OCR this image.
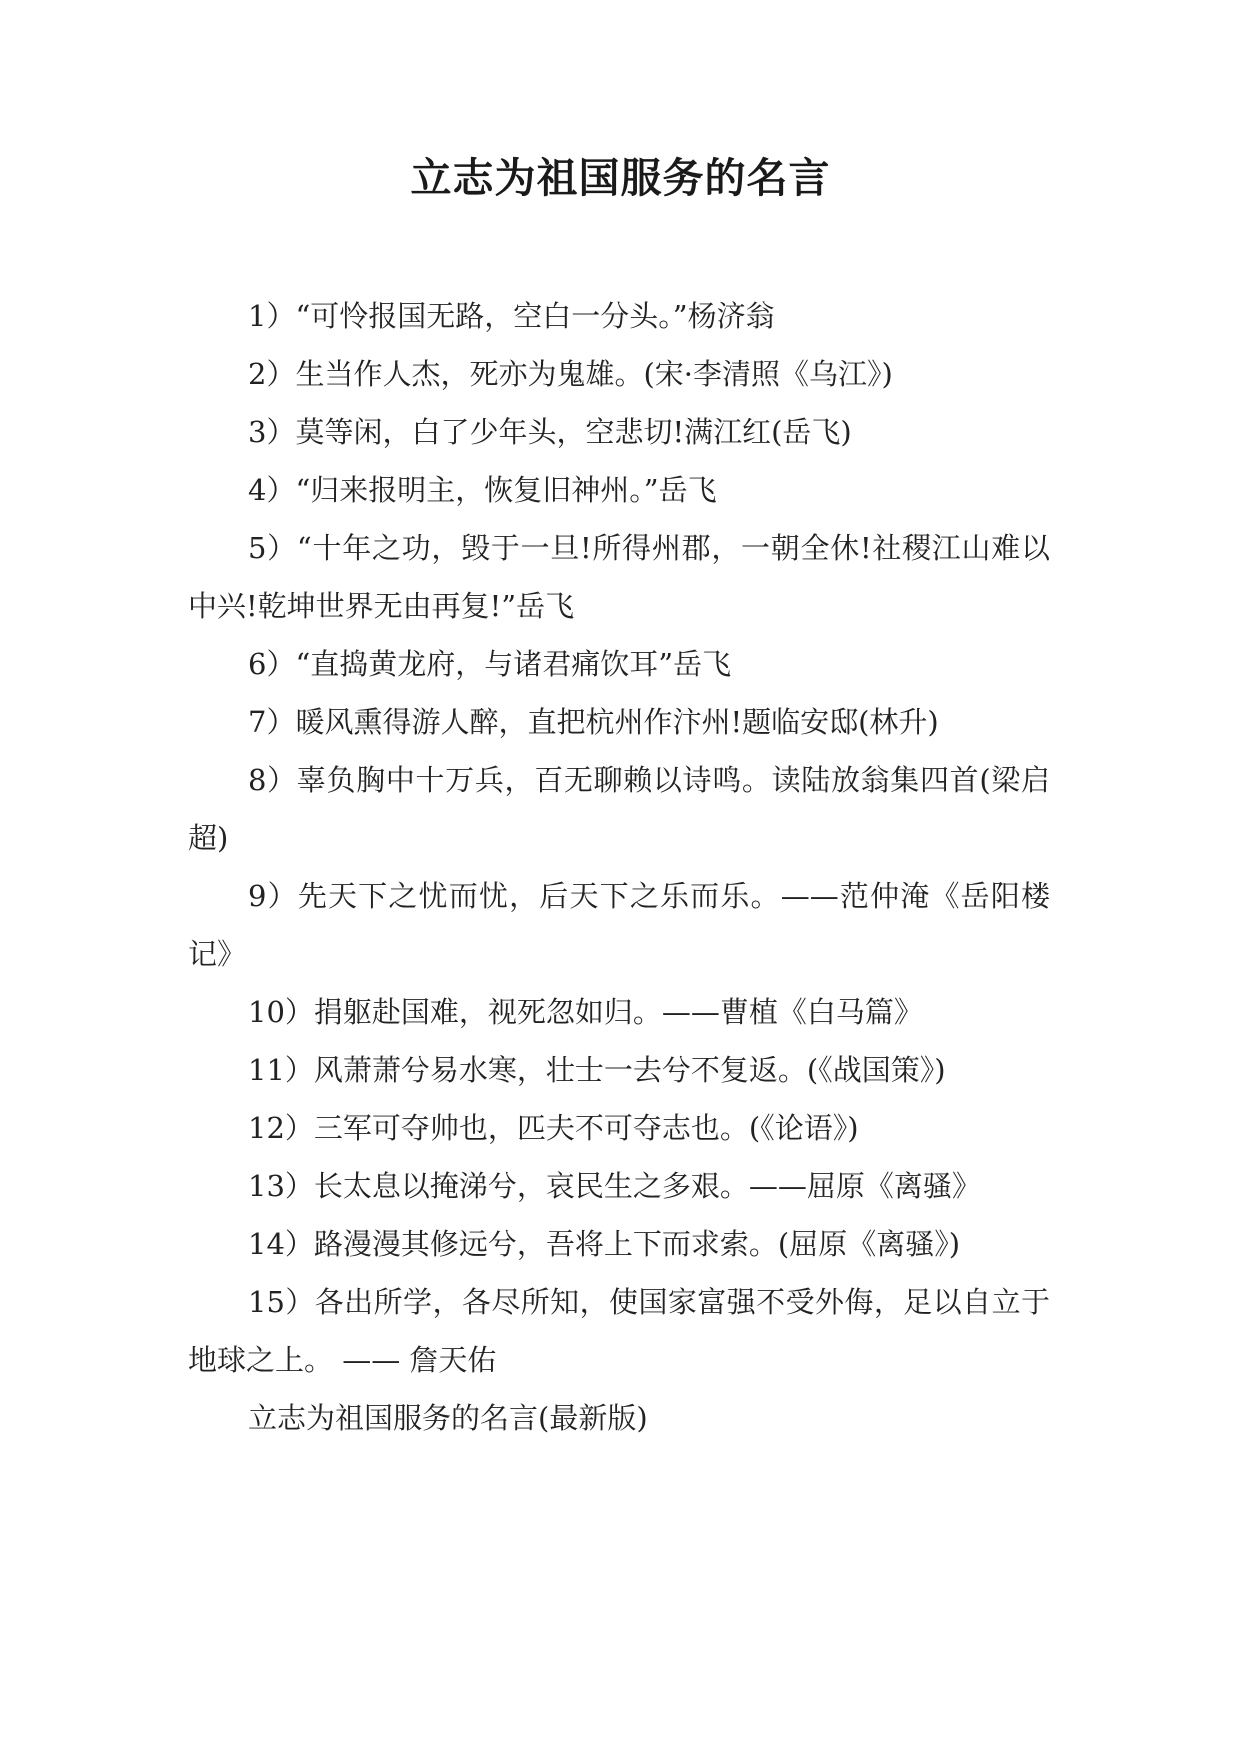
立志为祖国服务的名言

1）“可怜报国无路，空白一分头。”杨济翁

2）生当作人杰，死亦为鬼雄。(宋·李清照《乌江》)

3）莫等闲，白了少年头，空悲切!满江红(岳飞)

4）“归来报明主，恢复旧神州。”岳飞

5）“十年之功，毁于一旦!所得州郡，一朝全休!社稷江山难以中兴!乾坤世界无由再复!”岳飞

6）“直捣黄龙府，与诸君痛饮耳”岳飞

7）暖风熏得游人醉，直把杭州作汴州!题临安邸(林升)

8）辜负胸中十万兵，百无聊赖以诗鸣。读陆放翁集四首(梁启超)

9）先天下之忧而忧，后天下之乐而乐。——范仲淹《岳阳楼记》

10）捐躯赴国难，视死忽如归。——曹植《白马篇》

11）风萧萧兮易水寒，壮士一去兮不复返。(《战国策》)

12）三军可夺帅也，匹夫不可夺志也。(《论语》)

13）长太息以掩涕兮，哀民生之多艰。——屈原《离骚》

14）路漫漫其修远兮，吾将上下而求索。(屈原《离骚》)

15）各出所学，各尽所知，使国家富强不受外侮，足以自立于地球之上。 —— 詹天佑

立志为祖国服务的名言(最新版)
